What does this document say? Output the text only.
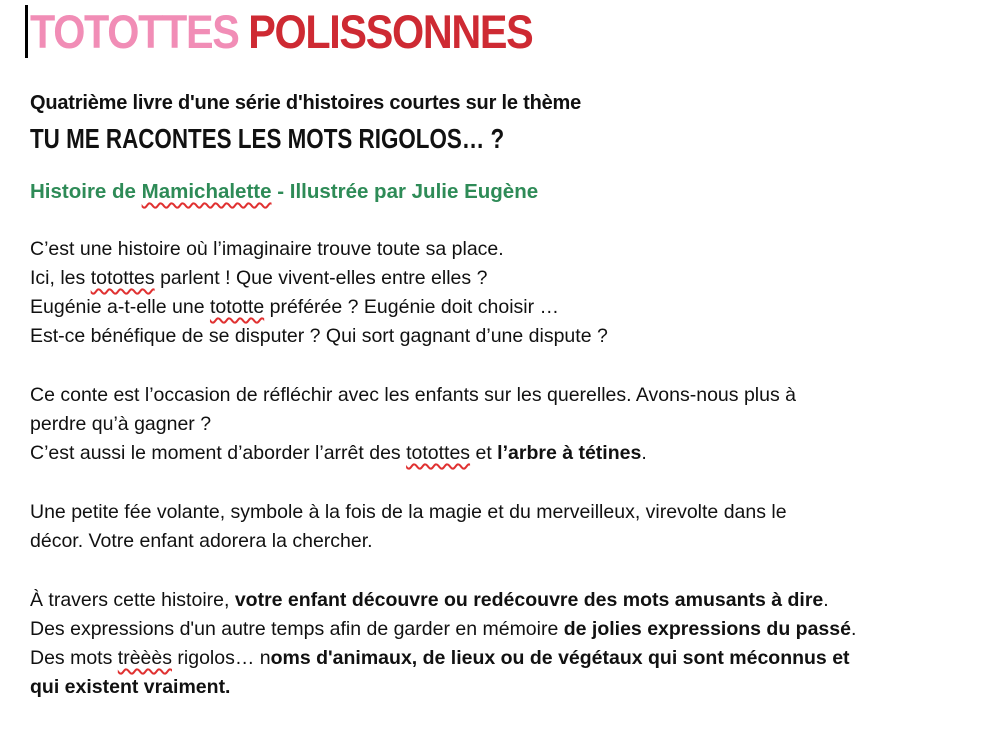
TOTOTTES POLISSONNES

Quatrième livre d'une série d'histoires courtes sur le thème

TU ME RACONTES LES MOTS RIGOLOS… ?

Histoire de Mamichalette - Illustrée par Julie Eugène

C’est une histoire où l’imaginaire trouve toute sa place.
Ici, les totottes parlent ! Que vivent-elles entre elles ?
Eugénie a-t-elle une tototte préférée ? Eugénie doit choisir …
Est-ce bénéfique de se disputer ? Qui sort gagnant d’une dispute ?
Ce conte est l’occasion de réfléchir avec les enfants sur les querelles. Avons-nous plus à
perdre qu’à gagner ?
C’est aussi le moment d’aborder l’arrêt des totottes et l’arbre à tétines.
Une petite fée volante, symbole à la fois de la magie et du merveilleux, virevolte dans le
décor. Votre enfant adorera la chercher.
À travers cette histoire, votre enfant découvre ou redécouvre des mots amusants à dire.
Des expressions d'un autre temps afin de garder en mémoire de jolies expressions du passé.
Des mots trèèès rigolos… noms d'animaux, de lieux ou de végétaux qui sont méconnus et
qui existent vraiment.
